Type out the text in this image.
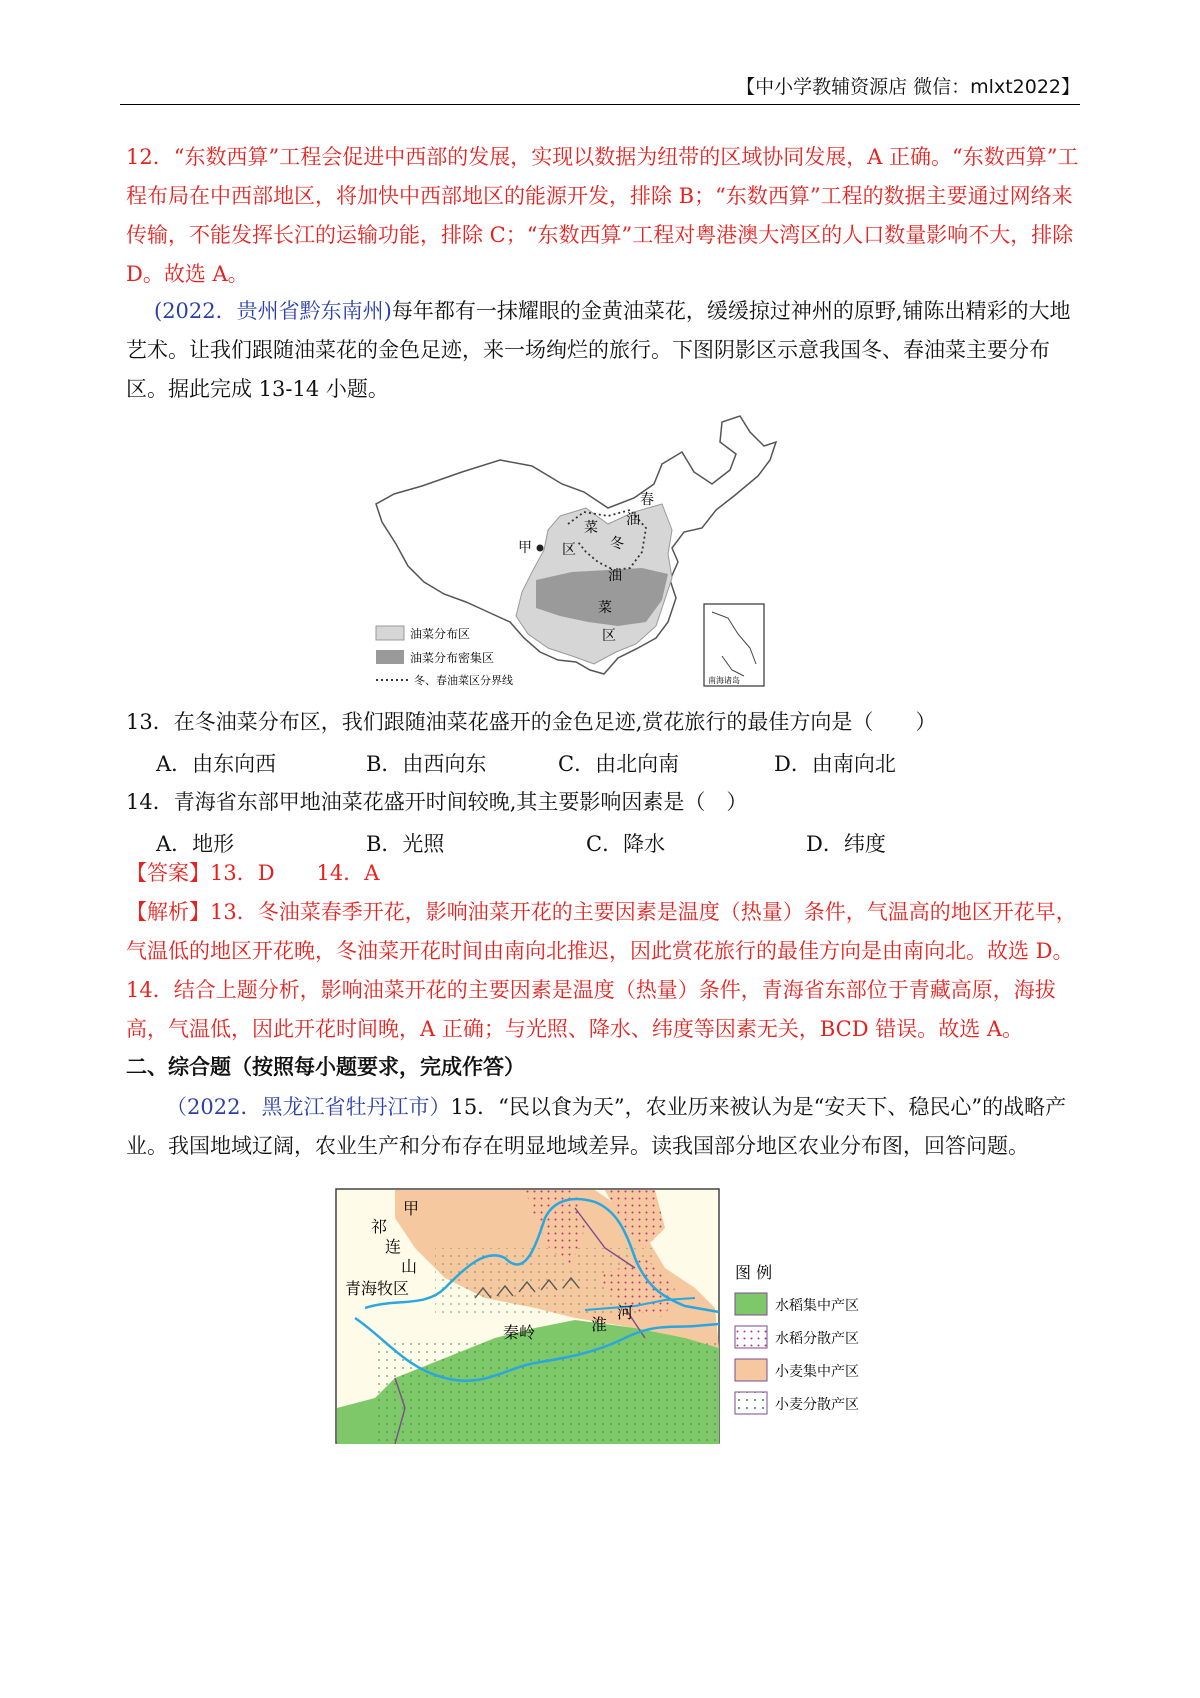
【中小学教辅资源店 微信：mlxt2022】

12．“东数西算”工程会促进中西部的发展，实现以数据为纽带的区域协同发展，A 正确。“东数西算”工程布局在中西部地区，将加快中西部地区的能源开发，排除 B；“东数西算”工程的数据主要通过网络来传输，不能发挥长江的运输功能，排除 C；“东数西算”工程对粤港澳大湾区的人口数量影响不大，排除 D。故选 A。

(2022．贵州省黔东南州)每年都有一抹耀眼的金黄油菜花，缓缓掠过神州的原野,铺陈出精彩的大地艺术。让我们跟随油菜花的金色足迹，来一场绚烂的旅行。下图阴影区示意我国冬、春油菜主要分布区。据此完成 13-14 小题。

甲
春
油
菜
区 冬
油
菜
区
南海诸岛
油菜分布区
油菜分布密集区
冬、春油菜区分界线

13．在冬油菜分布区，我们跟随油菜花盛开的金色足迹,赏花旅行的最佳方向是（　　）

A．由东向西	B．由西向东	C．由北向南	D．由南向北

14．青海省东部甲地油菜花盛开时间较晚,其主要影响因素是（　）

A．地形	B．光照	C．降水	D．纬度

【答案】13．D　　14．A

【解析】13．冬油菜春季开花，影响油菜开花的主要因素是温度（热量）条件，气温高的地区开花早，气温低的地区开花晚，冬油菜开花时间由南向北推迟，因此赏花旅行的最佳方向是由南向北。故选 D。

14．结合上题分析，影响油菜开花的主要因素是温度（热量）条件，青海省东部位于青藏高原，海拔高，气温低，因此开花时间晚，A 正确；与光照、降水、纬度等因素无关，BCD 错误。故选 A。

二、综合题（按照每小题要求，完成作答）

（2022．黑龙江省牡丹江市）15．“民以食为天”，农业历来被认为是“安天下、稳民心”的战略产业。我国地域辽阔，农业生产和分布存在明显地域差异。读我国部分地区农业分布图，回答问题。

甲
祁
连
山
青海牧区
秦岭	淮
河
图 例
水稻集中产区
水稻分散产区
小麦集中产区
小麦分散产区
